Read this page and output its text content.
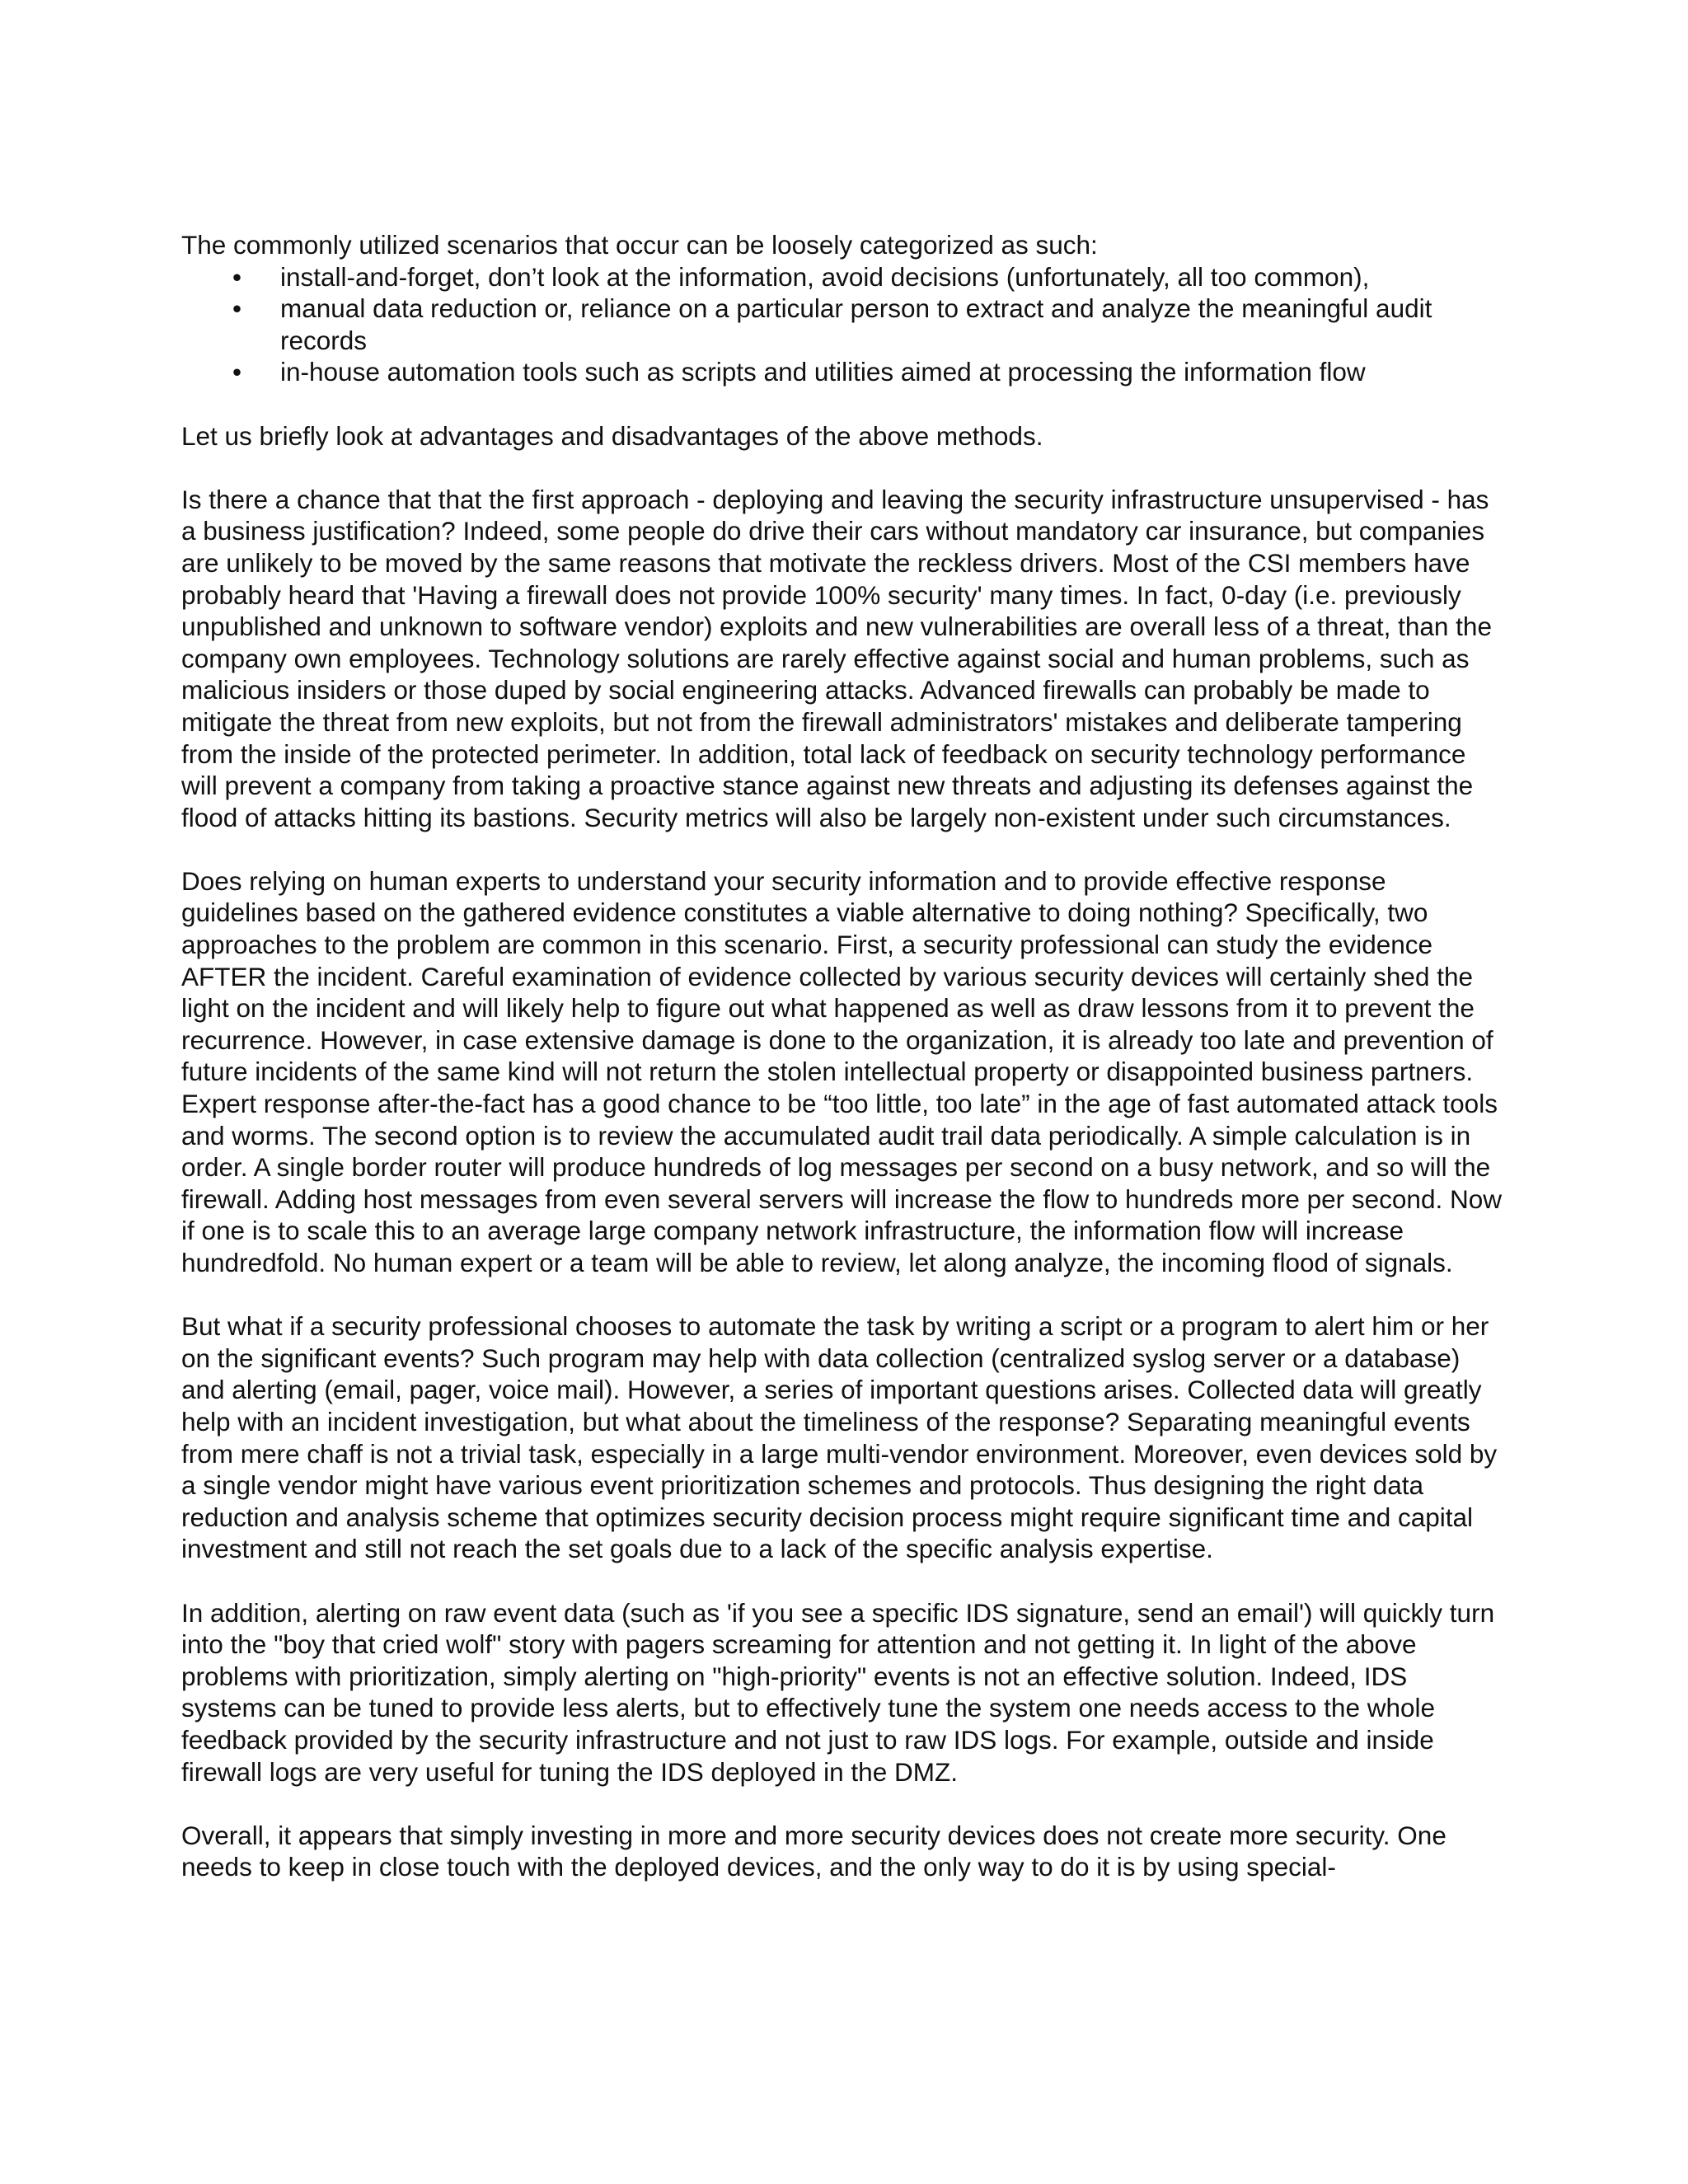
The commonly utilized scenarios that occur can be loosely categorized as such:

• install-and-forget, don’t look at the information, avoid decisions (unfortunately, all too common),
• manual data reduction or, reliance on a particular person to extract and analyze the meaningful audit records
• in-house automation tools such as scripts and utilities aimed at processing the information flow

Let us briefly look at advantages and disadvantages of the above methods.

Is there a chance that that the first approach - deploying and leaving the security infrastructure unsupervised - has a business justification? Indeed, some people do drive their cars without mandatory car insurance, but companies are unlikely to be moved by the same reasons that motivate the reckless drivers. Most of the CSI members have probably heard that 'Having a firewall does not provide 100% security' many times. In fact, 0-day (i.e. previously unpublished and unknown to software vendor) exploits and new vulnerabilities are overall less of a threat, than the company own employees. Technology solutions are rarely effective against social and human problems, such as malicious insiders or those duped by social engineering attacks. Advanced firewalls can probably be made to mitigate the threat from new exploits, but not from the firewall administrators' mistakes and deliberate tampering from the inside of the protected perimeter. In addition, total lack of feedback on security technology performance will prevent a company from taking a proactive stance against new threats and adjusting its defenses against the flood of attacks hitting its bastions. Security metrics will also be largely non-existent under such circumstances.

Does relying on human experts to understand your security information and to provide effective response guidelines based on the gathered evidence constitutes a viable alternative to doing nothing? Specifically, two approaches to the problem are common in this scenario. First, a security professional can study the evidence AFTER the incident. Careful examination of evidence collected by various security devices will certainly shed the light on the incident and will likely help to figure out what happened as well as draw lessons from it to prevent the recurrence. However, in case extensive damage is done to the organization, it is already too late and prevention of future incidents of the same kind will not return the stolen intellectual property or disappointed business partners. Expert response after-the-fact has a good chance to be “too little, too late” in the age of fast automated attack tools and worms. The second option is to review the accumulated audit trail data periodically. A simple calculation is in order. A single border router will produce hundreds of log messages per second on a busy network, and so will the firewall. Adding host messages from even several servers will increase the flow to hundreds more per second. Now if one is to scale this to an average large company network infrastructure, the information flow will increase hundredfold. No human expert or a team will be able to review, let along analyze, the incoming flood of signals.

But what if a security professional chooses to automate the task by writing a script or a program to alert him or her on the significant events? Such program may help with data collection (centralized syslog server or a database) and alerting (email, pager, voice mail). However, a series of important questions arises. Collected data will greatly help with an incident investigation, but what about the timeliness of the response? Separating meaningful events from mere chaff is not a trivial task, especially in a large multi-vendor environment. Moreover, even devices sold by a single vendor might have various event prioritization schemes and protocols. Thus designing the right data reduction and analysis scheme that optimizes security decision process might require significant time and capital investment and still not reach the set goals due to a lack of the specific analysis expertise.

In addition, alerting on raw event data (such as 'if you see a specific IDS signature, send an email') will quickly turn into the "boy that cried wolf" story with pagers screaming for attention and not getting it. In light of the above problems with prioritization, simply alerting on "high-priority" events is not an effective solution. Indeed, IDS systems can be tuned to provide less alerts, but to effectively tune the system one needs access to the whole feedback provided by the security infrastructure and not just to raw IDS logs. For example, outside and inside firewall logs are very useful for tuning the IDS deployed in the DMZ.

Overall, it appears that simply investing in more and more security devices does not create more security. One needs to keep in close touch with the deployed devices, and the only way to do it is by using special-
